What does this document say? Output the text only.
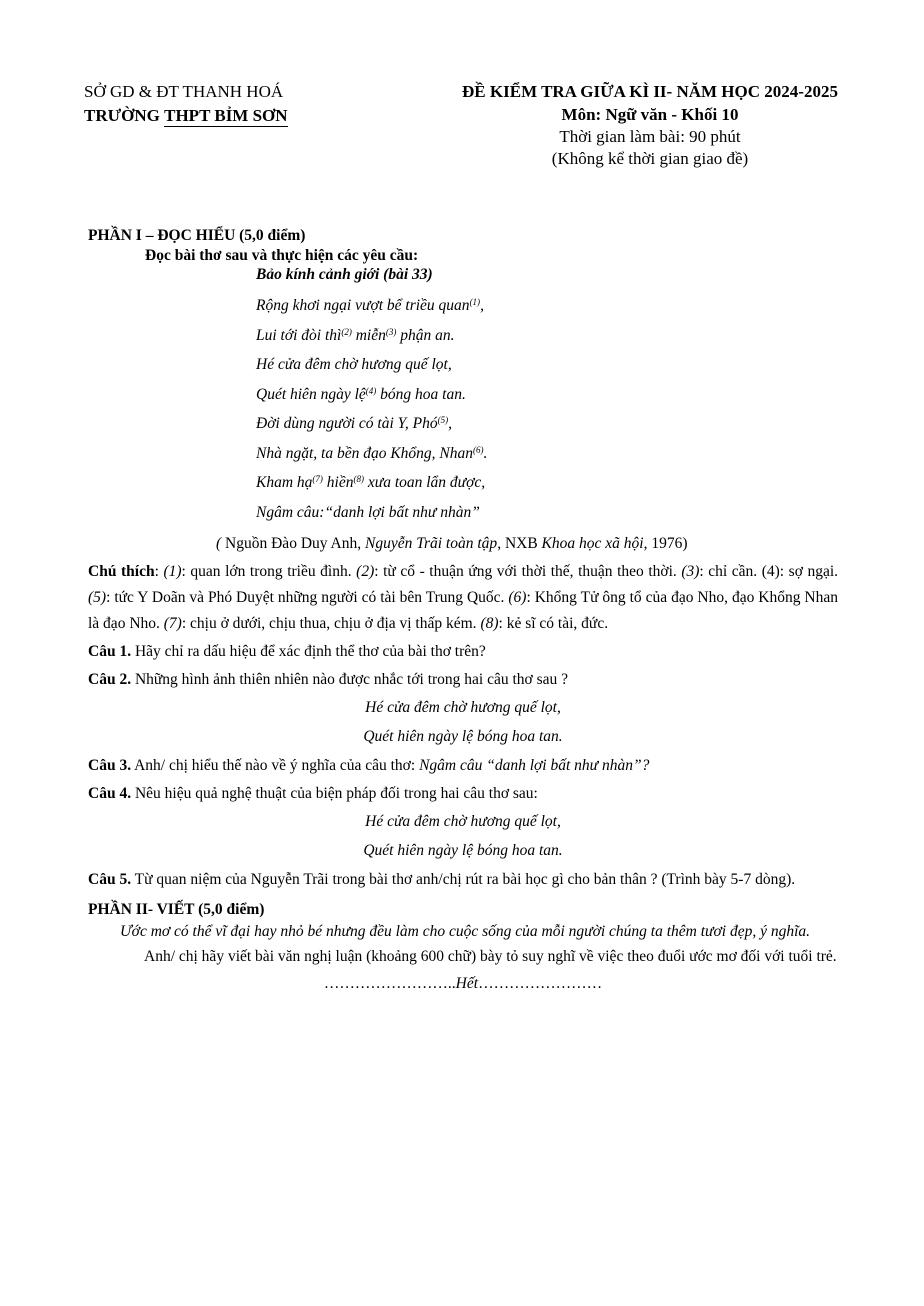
SỞ GD & ĐT THANH HOÁ
TRƯỜNG THPT BỈM SƠN
ĐỀ KIỂM TRA GIỮA KÌ II- NĂM HỌC 2024-2025
Môn: Ngữ văn - Khối 10
Thời gian làm bài: 90 phút
(Không kể thời gian giao đề)
PHẦN I – ĐỌC HIỂU (5,0 điểm)
Đọc bài thơ sau và thực hiện các yêu cầu:
Bảo kính cảnh giới (bài 33)
Rộng khơi ngại vượt bể triều quan$^{(1)}$,
Lui tới đòi thì$^{(2)}$ miễn$^{(3)}$ phận an.
Hé cửa đêm chờ hương quế lọt,
Quét hiên ngày lệ$^{(4)}$ bóng hoa tan.
Đời dùng người có tài Y, Phó$^{(5)}$,
Nhà ngặt, ta bền đạo Khổng, Nhan$^{(6)}$.
Kham hạ$^{(7)}$ hiền$^{(8)}$ xưa toan lẩn được,
Ngâm câu:“danh lợi bất như nhàn”
( Nguồn Đào Duy Anh, Nguyễn Trãi toàn tập, NXB Khoa học xã hội, 1976)
Chú thích: (1): quan lớn trong triều đình. (2): từ cổ - thuận ứng với thời thế, thuận theo thời. (3): chỉ cần. (4): sợ ngại. (5): tức Y Doãn và Phó Duyệt những người có tài bên Trung Quốc. (6): Khổng Tử ông tổ của đạo Nho, đạo Khổng Nhan là đạo Nho. (7): chịu ở dưới, chịu thua, chịu ở địa vị thấp kém. (8): kẻ sĩ có tài, đức.
Câu 1. Hãy chỉ ra dấu hiệu để xác định thể thơ của bài thơ trên?
Câu 2. Những hình ảnh thiên nhiên nào được nhắc tới trong hai câu thơ sau ?
Hé cửa đêm chờ hương quế lọt,
Quét hiên ngày lệ bóng hoa tan.
Câu 3. Anh/ chị hiểu thế nào về ý nghĩa của câu thơ: Ngâm câu “danh lợi bất như nhàn”?
Câu 4. Nêu hiệu quả nghệ thuật của biện pháp đối trong hai câu thơ sau:
Hé cửa đêm chờ hương quế lọt,
Quét hiên ngày lệ bóng hoa tan.
Câu 5. Từ quan niệm của Nguyễn Trãi trong bài thơ anh/chị rút ra bài học gì cho bản thân ? (Trình bày 5-7 dòng).
PHẦN II- VIẾT (5,0 điểm)
Ước mơ có thể vĩ đại hay nhỏ bé nhưng đều làm cho cuộc sống của mỗi người chúng ta thêm tươi đẹp, ý nghĩa.
Anh/ chị hãy viết bài văn nghị luận (khoảng 600 chữ) bày tỏ suy nghĩ về việc theo đuổi ước mơ đối với tuổi trẻ.
……………………..Hết……………………
